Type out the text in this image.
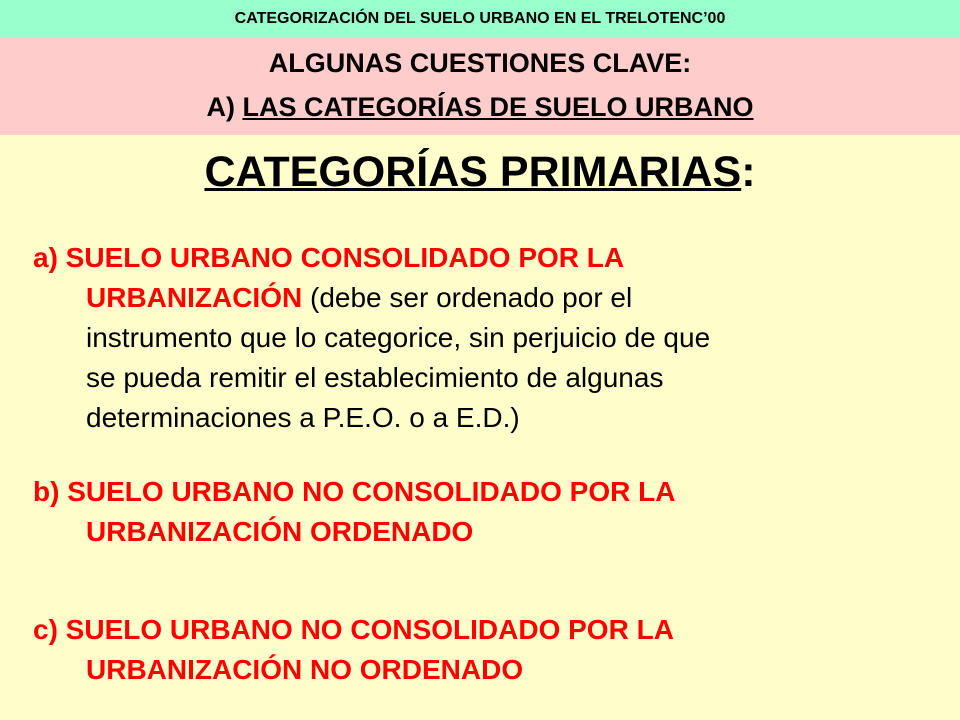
CATEGORIZACIÓN DEL SUELO URBANO EN EL TRELOTENC’00
ALGUNAS CUESTIONES CLAVE:
A) LAS CATEGORÍAS DE SUELO URBANO
CATEGORÍAS PRIMARIAS:
a) SUELO URBANO CONSOLIDADO POR LA
URBANIZACIÓN (debe ser ordenado por el
instrumento que lo categorice, sin perjuicio de que
se pueda remitir el establecimiento de algunas
determinaciones a P.E.O. o a E.D.)
b) SUELO URBANO NO CONSOLIDADO POR LA
URBANIZACIÓN ORDENADO
c) SUELO URBANO NO CONSOLIDADO POR LA
URBANIZACIÓN NO ORDENADO
